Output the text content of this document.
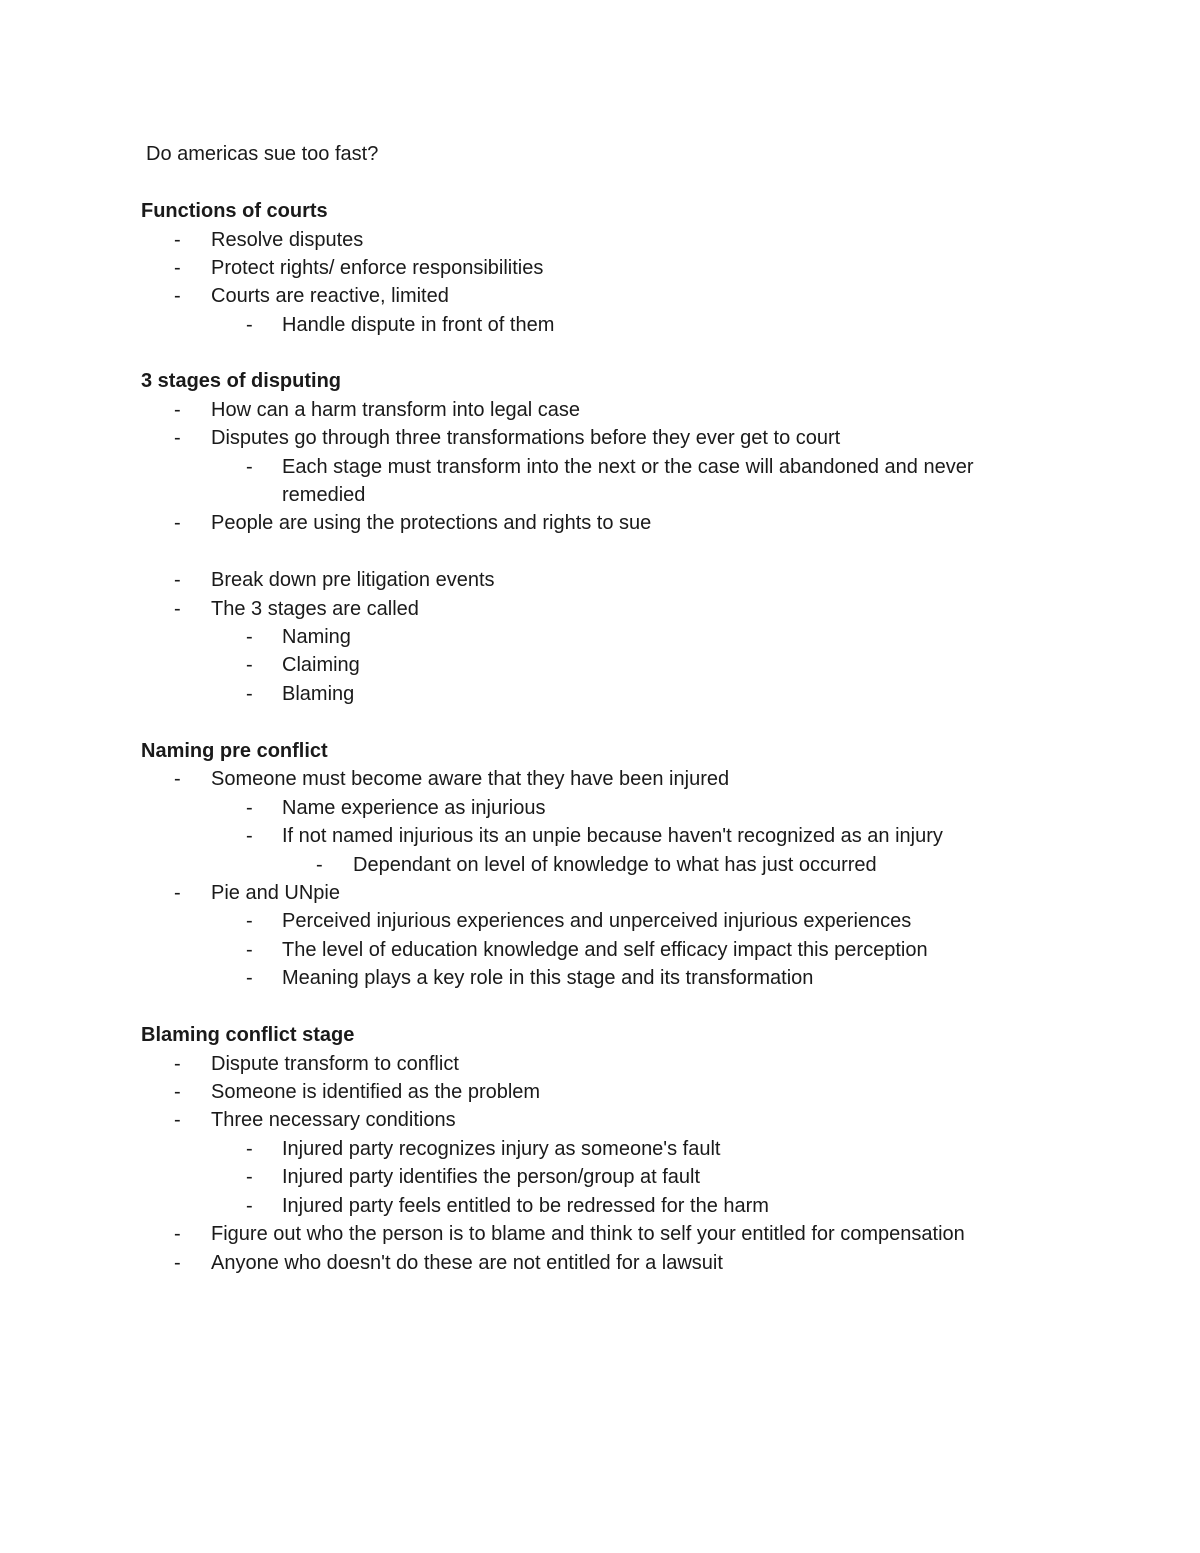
Do americas sue too fast?
Functions of courts
- Resolve disputes
- Protect rights/ enforce responsibilities
- Courts are reactive, limited
- Handle dispute in front of them
3 stages of disputing
- How can a harm transform into legal case
- Disputes go through three transformations before they ever get to court
- Each stage must transform into the next or the case will abandoned and never
remedied
- People are using the protections and rights to sue
- Break down pre litigation events
- The 3 stages are called
- Naming
- Claiming
- Blaming
Naming pre conflict
- Someone must become aware that they have been injured
- Name experience as injurious
- If not named injurious its an unpie because haven't recognized as an injury
- Dependant on level of knowledge to what has just occurred
- Pie and UNpie
- Perceived injurious experiences and unperceived injurious experiences
- The level of education knowledge and self efficacy impact this perception
- Meaning plays a key role in this stage and its transformation
Blaming conflict stage
- Dispute transform to conflict
- Someone is identified as the problem
- Three necessary conditions
- Injured party recognizes injury as someone's fault
- Injured party identifies the person/group at fault
- Injured party feels entitled to be redressed for the harm
- Figure out who the person is to blame and think to self your entitled for compensation
- Anyone who doesn't do these are not entitled for a lawsuit
